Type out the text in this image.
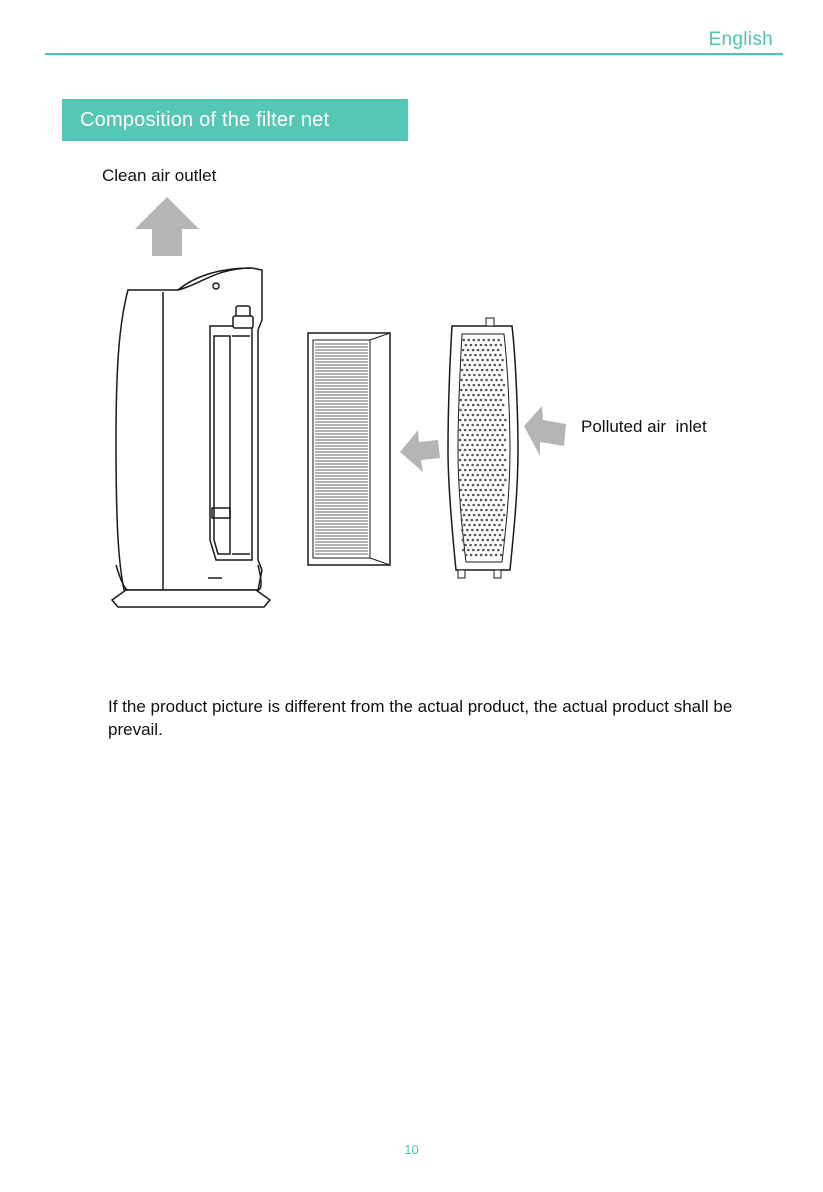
English
Composition of the filter net
Clean air outlet
Polluted air  inlet
If the product picture is different from the actual product, the actual product shall be prevail.
10
